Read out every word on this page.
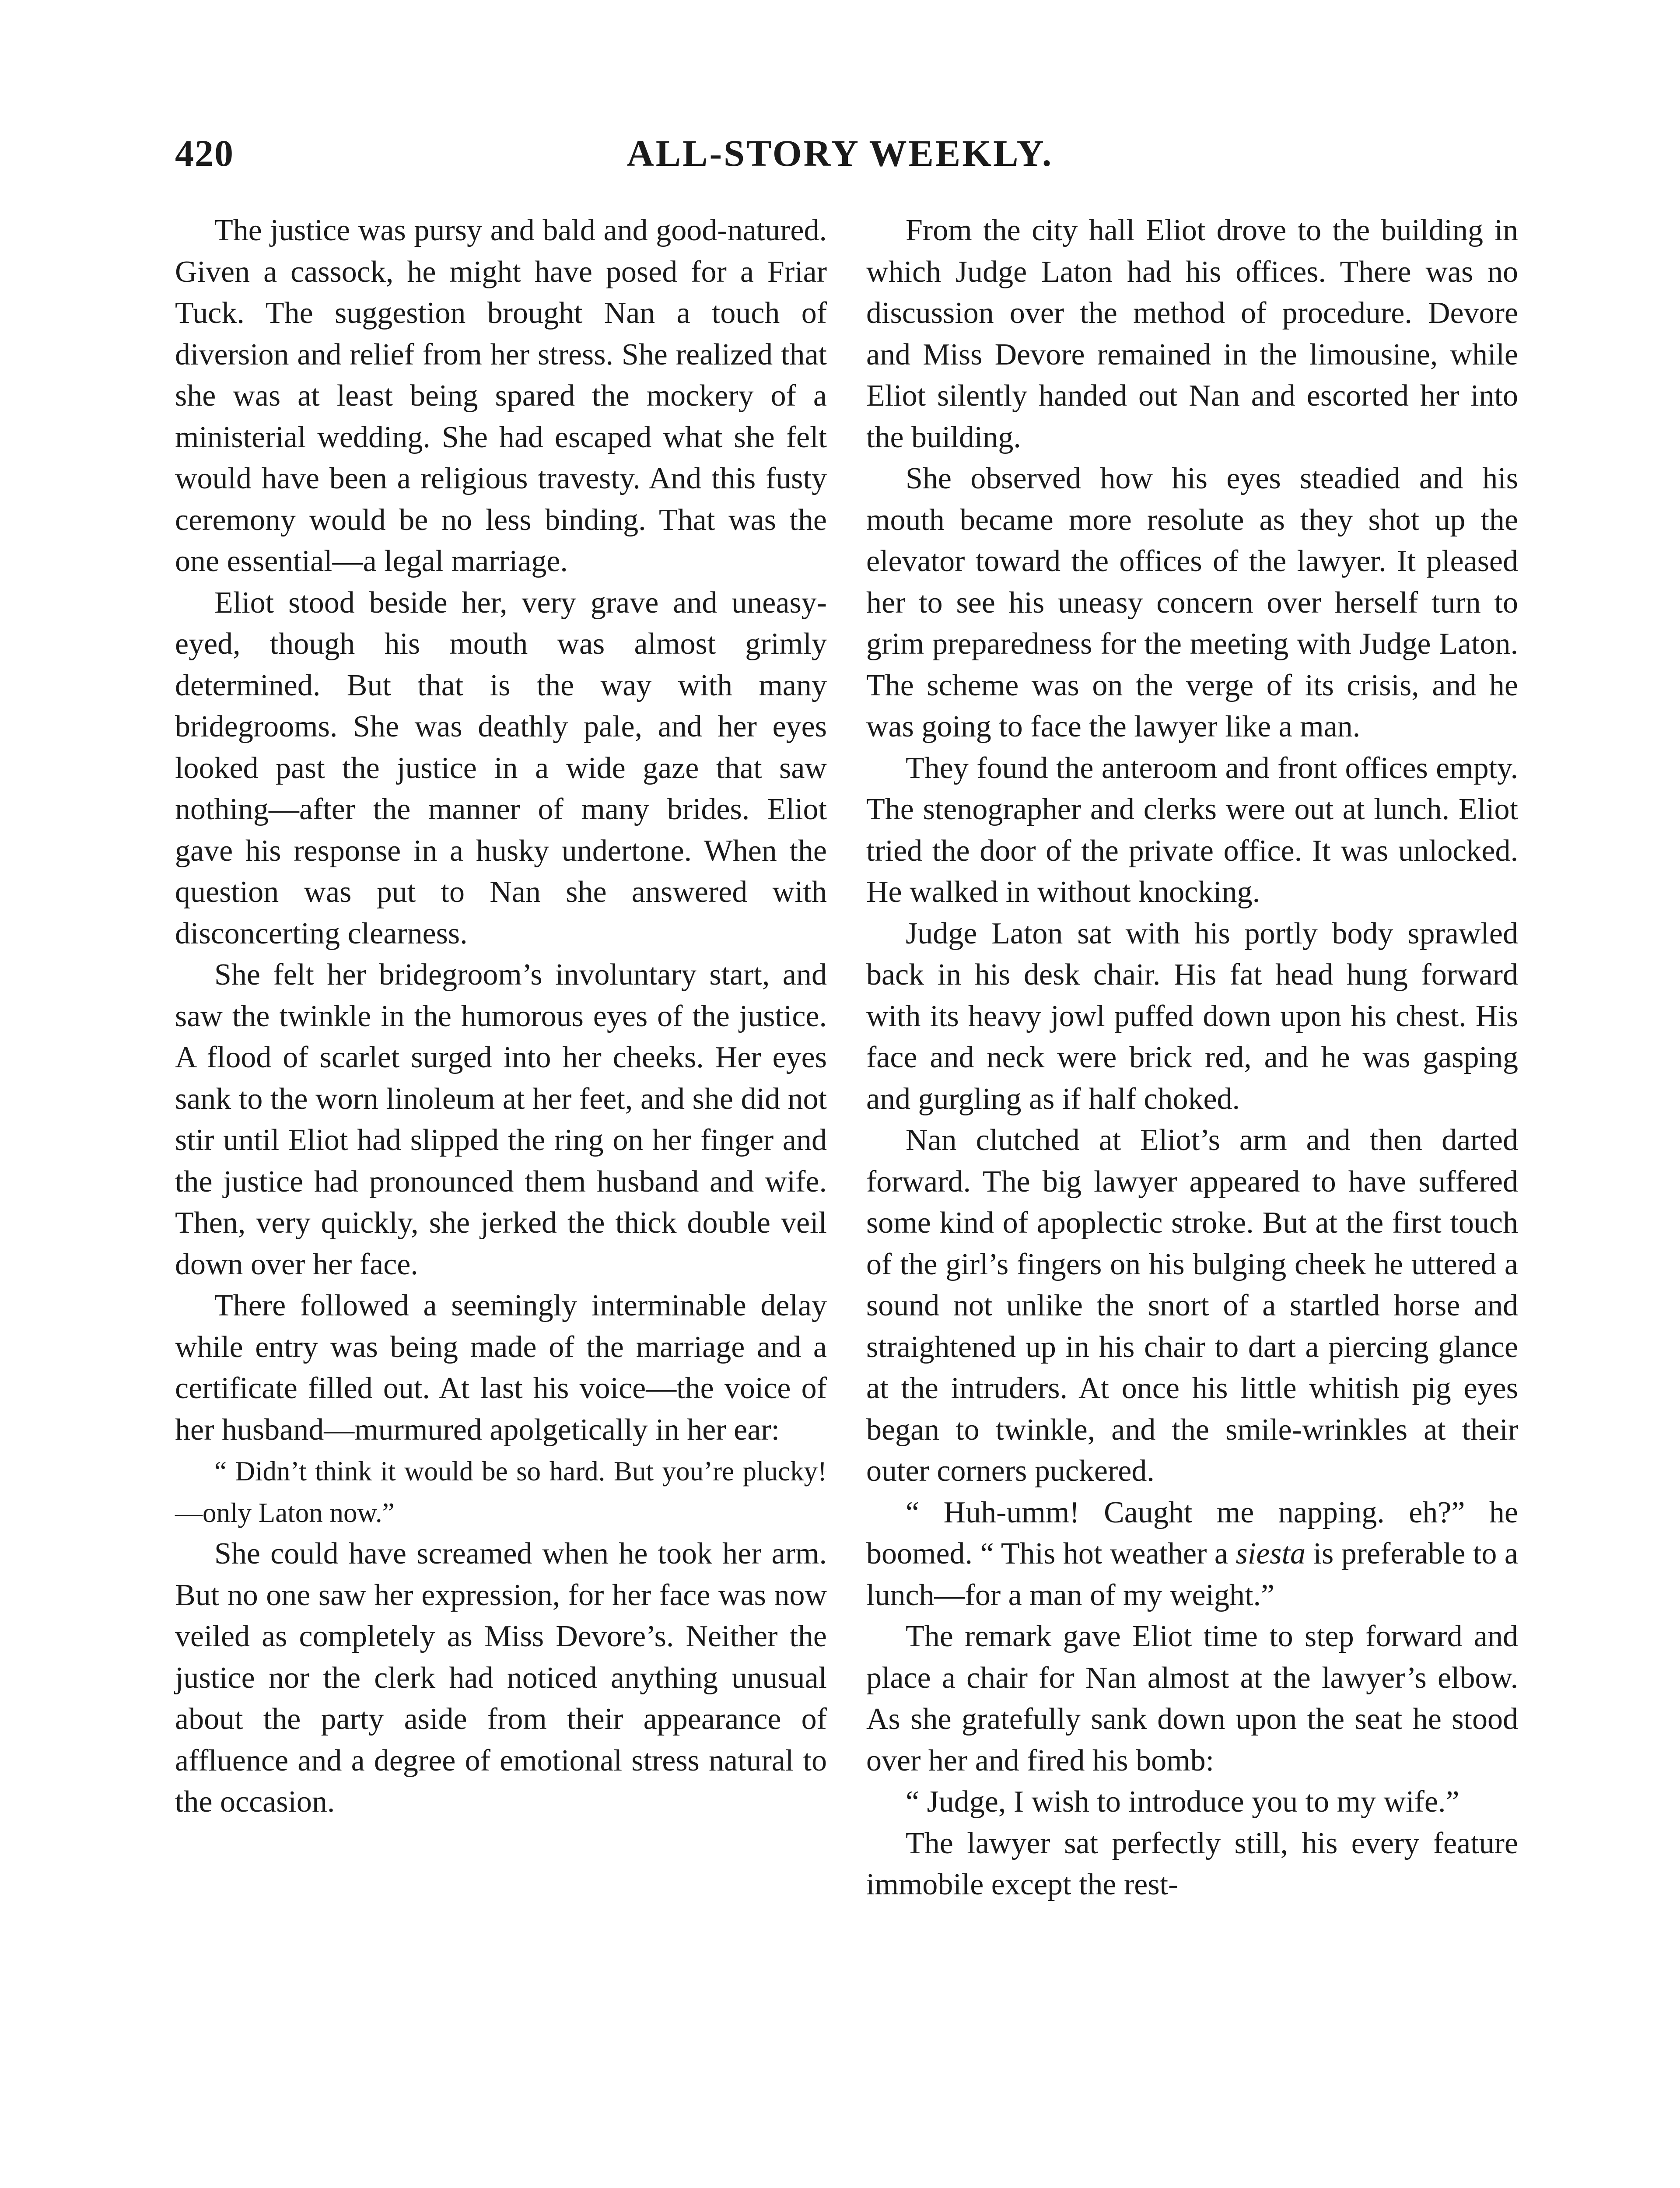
420	ALL-STORY WEEKLY.

The justice was pursy and bald and good-natured. Given a cassock, he might have posed for a Friar Tuck. The suggestion brought Nan a touch of diversion and relief from her stress. She realized that she was at least being spared the mockery of a ministerial wedding. She had escaped what she felt would have been a religious travesty. And this fusty ceremony would be no less binding. That was the one essential—a legal marriage.

Eliot stood beside her, very grave and uneasy-eyed, though his mouth was almost grimly determined. But that is the way with many bridegrooms. She was deathly pale, and her eyes looked past the justice in a wide gaze that saw nothing—after the manner of many brides. Eliot gave his response in a husky undertone. When the question was put to Nan she answered with disconcerting clearness.

She felt her bridegroom’s involuntary start, and saw the twinkle in the humorous eyes of the justice. A flood of scarlet surged into her cheeks. Her eyes sank to the worn linoleum at her feet, and she did not stir until Eliot had slipped the ring on her finger and the justice had pronounced them husband and wife. Then, very quickly, she jerked the thick double veil down over her face.

There followed a seemingly interminable delay while entry was being made of the marriage and a certificate filled out. At last his voice—the voice of her husband—murmured apolgetically in her ear:

“ Didn’t think it would be so hard. But you’re plucky!—only Laton now.”

She could have screamed when he took her arm. But no one saw her expression, for her face was now veiled as completely as Miss Devore’s. Neither the justice nor the clerk had noticed anything unusual about the party aside from their appearance of affluence and a degree of emotional stress natural to the occasion.

From the city hall Eliot drove to the building in which Judge Laton had his offices. There was no discussion over the method of procedure. Devore and Miss Devore remained in the limousine, while Eliot silently handed out Nan and escorted her into the building.

She observed how his eyes steadied and his mouth became more resolute as they shot up the elevator toward the offices of the lawyer. It pleased her to see his uneasy concern over herself turn to grim preparedness for the meeting with Judge Laton. The scheme was on the verge of its crisis, and he was going to face the lawyer like a man.

They found the anteroom and front offices empty. The stenographer and clerks were out at lunch. Eliot tried the door of the private office. It was unlocked. He walked in without knocking.

Judge Laton sat with his portly body sprawled back in his desk chair. His fat head hung forward with its heavy jowl puffed down upon his chest. His face and neck were brick red, and he was gasping and gurgling as if half choked.

Nan clutched at Eliot’s arm and then darted forward. The big lawyer appeared to have suffered some kind of apoplectic stroke. But at the first touch of the girl’s fingers on his bulging cheek he uttered a sound not unlike the snort of a startled horse and straightened up in his chair to dart a piercing glance at the intruders. At once his little whitish pig eyes began to twinkle, and the smile-wrinkles at their outer corners puckered.

“ Huh-umm! Caught me napping. eh?” he boomed. “ This hot weather a siesta is preferable to a lunch—for a man of my weight.”

The remark gave Eliot time to step forward and place a chair for Nan almost at the lawyer’s elbow. As she gratefully sank down upon the seat he stood over her and fired his bomb:

“ Judge, I wish to introduce you to my wife.”

The lawyer sat perfectly still, his every feature immobile except the rest-
